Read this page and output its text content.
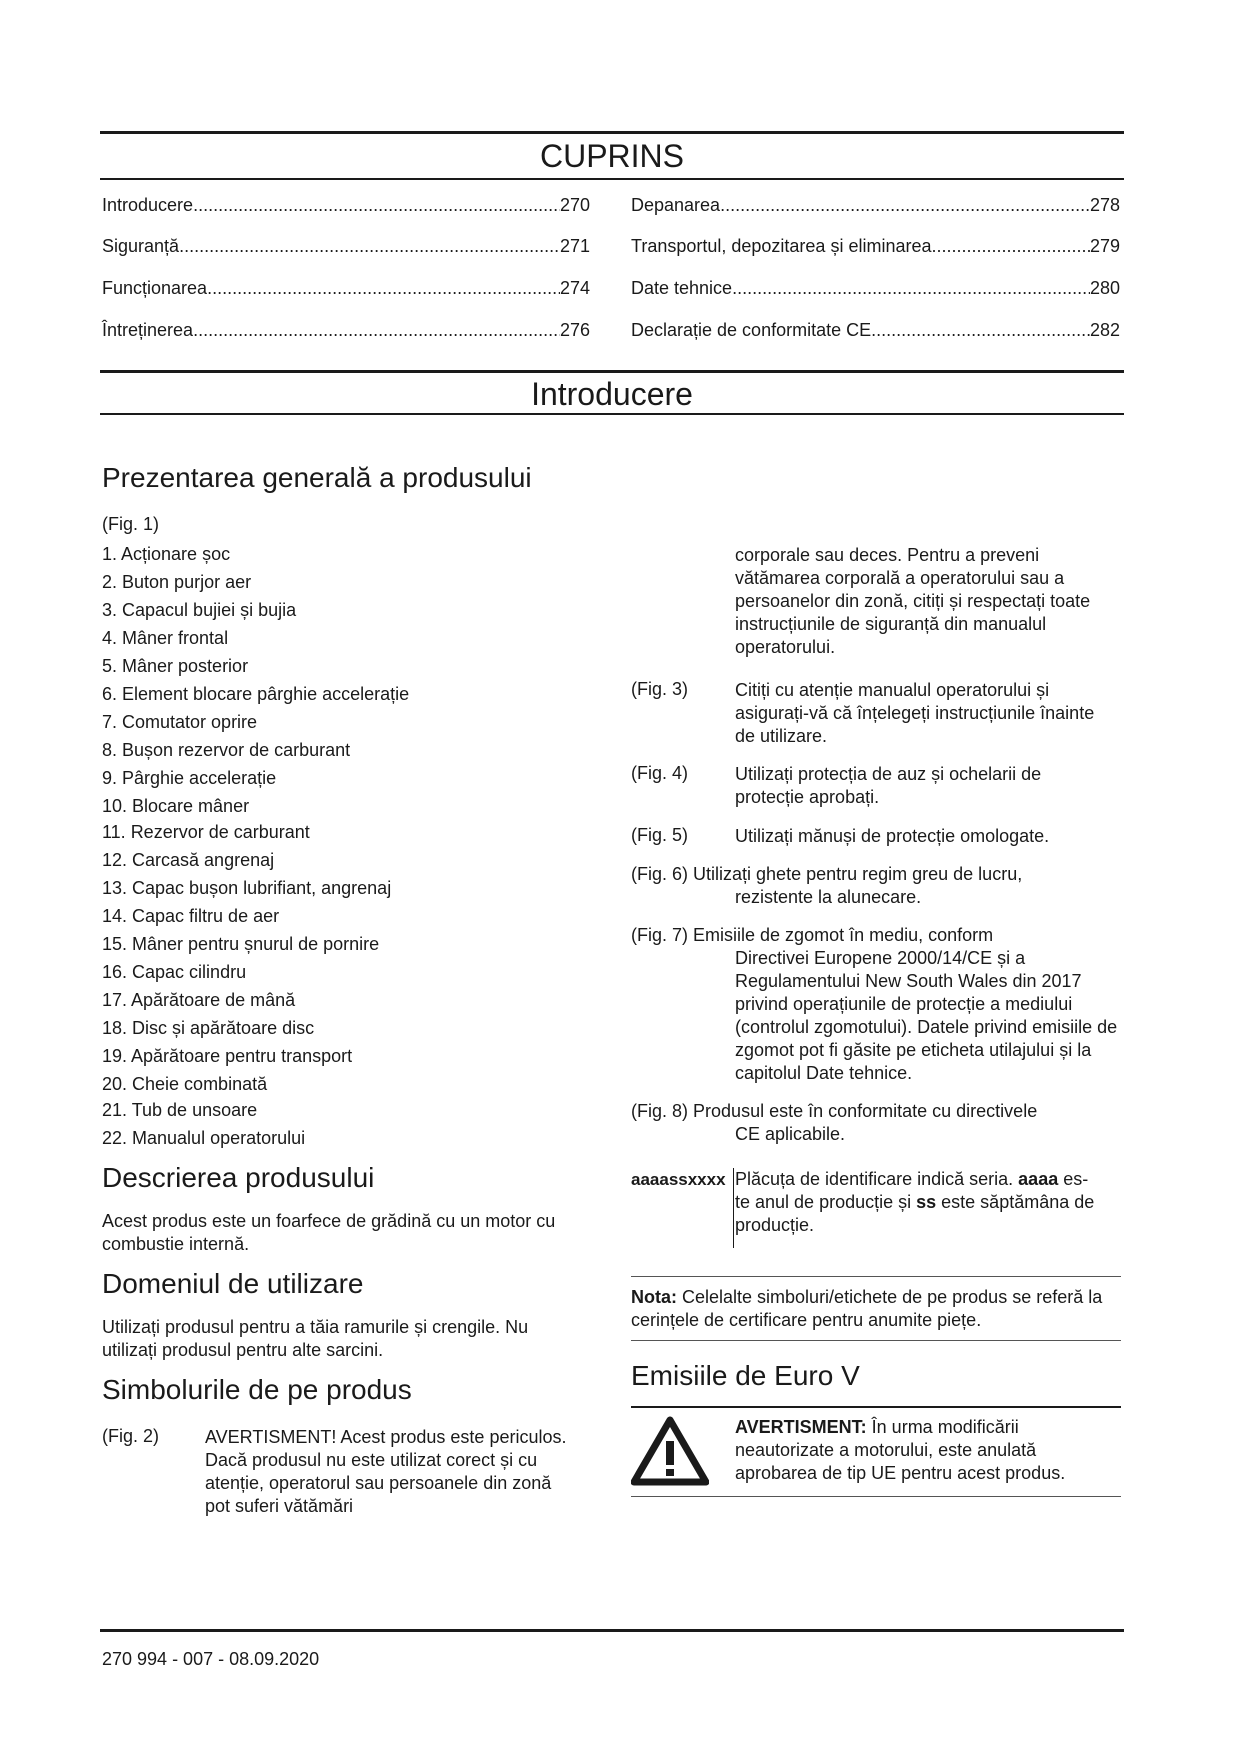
CUPRINS
Introducere .....	270
Siguranță .....	271
Funcționarea .....	274
Întreținerea .....	276
Depanarea .....	278
Transportul, depozitarea și eliminarea .....	279
Date tehnice .....	280
Declarație de conformitate CE .....	282
Introducere
Prezentarea generală a produsului
(Fig. 1)
1. Acționare șoc
2. Buton purjor aer
3. Capacul bujiei și bujia
4. Mâner frontal
5. Mâner posterior
6. Element blocare pârghie accelerație
7. Comutator oprire
8. Bușon rezervor de carburant
9. Pârghie accelerație
10. Blocare mâner
11. Rezervor de carburant
12. Carcasă angrenaj
13. Capac bușon lubrifiant, angrenaj
14. Capac filtru de aer
15. Mâner pentru șnurul de pornire
16. Capac cilindru
17. Apărătoare de mână
18. Disc și apărătoare disc
19. Apărătoare pentru transport
20. Cheie combinată
21. Tub de unsoare
22. Manualul operatorului
Descrierea produsului
Acest produs este un foarfece de grădină cu un motor cu combustie internă.
Domeniul de utilizare
Utilizați produsul pentru a tăia ramurile și crengile. Nu utilizați produsul pentru alte sarcini.
Simbolurile de pe produs
(Fig. 2)	AVERTISMENT! Acest produs este periculos. Dacă produsul nu este utilizat corect și cu atenție, operatorul sau persoanele din zonă pot suferi vătămări
corporale sau deces. Pentru a preveni vătămarea corporală a operatorului sau a persoanelor din zonă, citiți și respectați toate instrucțiunile de siguranță din manualul operatorului.
(Fig. 3)	Citiți cu atenție manualul operatorului și asigurați-vă că înțelegeți instrucțiunile înainte de utilizare.
(Fig. 4)	Utilizați protecția de auz și ochelarii de protecție aprobați.
(Fig. 5)	Utilizați mănuși de protecție omologate.
(Fig. 6) Utilizați ghete pentru regim greu de lucru,
rezistente la alunecare.
(Fig. 7) Emisiile de zgomot în mediu, conform
Directivei Europene 2000/14/CE și a Regulamentului New South Wales din 2017 privind operațiunile de protecție a mediului (controlul zgomotului). Datele privind emisiile de zgomot pot fi găsite pe eticheta utilajului și la capitolul Date tehnice.
(Fig. 8) Produsul este în conformitate cu directivele
CE aplicabile.
aaaassxxxx Plăcuța de identificare indică seria. aaaa es-
te anul de producție și ss este săptămâna de
producție.
Nota: Celelalte simboluri/etichete de pe produs se referă la cerințele de certificare pentru anumite piețe.
Emisiile de Euro V
AVERTISMENT: În urma modificării neautorizate a motorului, este anulată aprobarea de tip UE pentru acest produs.
270 994 - 007 - 08.09.2020
